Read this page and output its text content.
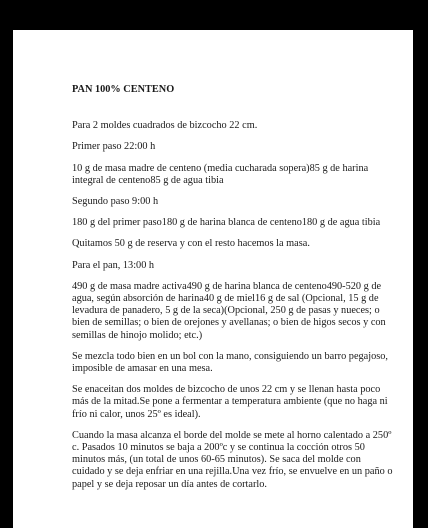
PAN 100% CENTENO

Para 2 moldes cuadrados de bizcocho 22 cm.

Primer paso 22:00 h

10 g de masa madre de centeno (media cucharada sopera)85 g de harina integral de centeno85 g de agua tibia

Segundo paso 9:00 h

180 g del primer paso180 g de harina blanca de centeno180 g de agua tibia

Quitamos 50 g de reserva y con el resto hacemos la masa.

Para el pan, 13:00 h

490 g de masa madre activa490 g de harina blanca de centeno490-520 g de agua, según absorción de harina40 g de miel16 g de sal (Opcional, 15 g de levadura de panadero, 5 g de la seca)(Opcional, 250 g de pasas y nueces; o bien de semillas; o bien de orejones y avellanas; o bien de higos secos y con semillas de hinojo molido; etc.)

Se mezcla todo bien en un bol con la mano, consiguiendo un barro pegajoso, imposible de amasar en una mesa.

Se enaceitan dos moldes de bizcocho de unos 22 cm y se llenan hasta poco más de la mitad.Se pone a fermentar a temperatura ambiente (que no haga ni frío ni calor, unos 25º es ideal).

Cuando la masa alcanza el borde del molde se mete al horno calentado a 250º c. Pasados 10 minutos se baja a 200ºc y se continua la cocción otros 50 minutos más, (un total de unos 60-65 minutos). Se saca del molde con cuidado y se deja enfriar en una rejilla.Una vez frío, se envuelve en un paño o papel y se deja reposar un día antes de cortarlo.
